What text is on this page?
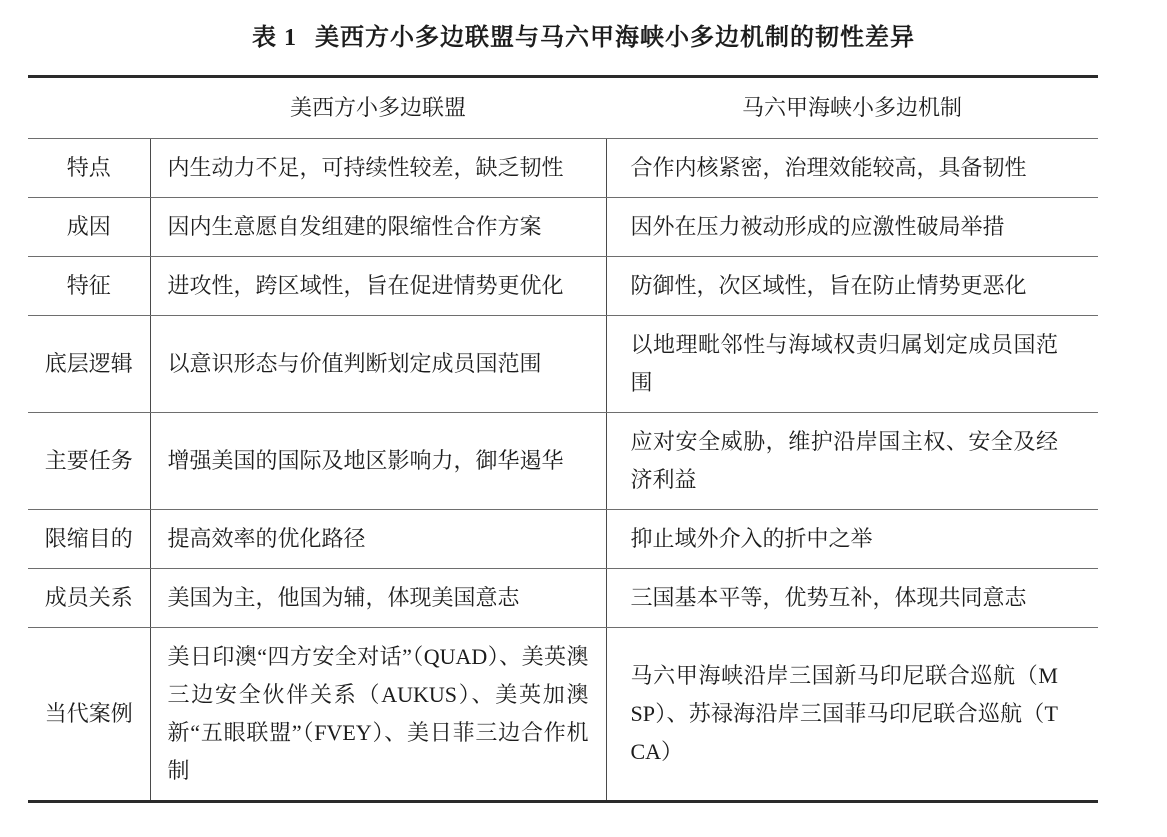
表 1 美西方小多边联盟与马六甲海峡小多边机制的韧性差异
	美西方小多边联盟	马六甲海峡小多边机制
特点	内生动力不足，可持续性较差，缺乏韧性	合作内核紧密，治理效能较高，具备韧性
成因	因内生意愿自发组建的限缩性合作方案	因外在压力被动形成的应激性破局举措
特征	进攻性，跨区域性，旨在促进情势更优化	防御性，次区域性，旨在防止情势更恶化
底层逻辑	以意识形态与价值判断划定成员国范围	以地理毗邻性与海域权责归属划定成员国范围
主要任务	增强美国的国际及地区影响力，御华遏华	应对安全威胁，维护沿岸国主权、安全及经济利益
限缩目的	提高效率的优化路径	抑止域外介入的折中之举
成员关系	美国为主，他国为辅，体现美国意志	三国基本平等，优势互补，体现共同意志
当代案例	美日印澳“四方安全对话”（QUAD）、美英澳三边安全伙伴关系（AUKUS）、美英加澳新“五眼联盟”（FVEY）、美日菲三边合作机制	马六甲海峡沿岸三国新马印尼联合巡航（MSP）、苏禄海沿岸三国菲马印尼联合巡航（TCA）
